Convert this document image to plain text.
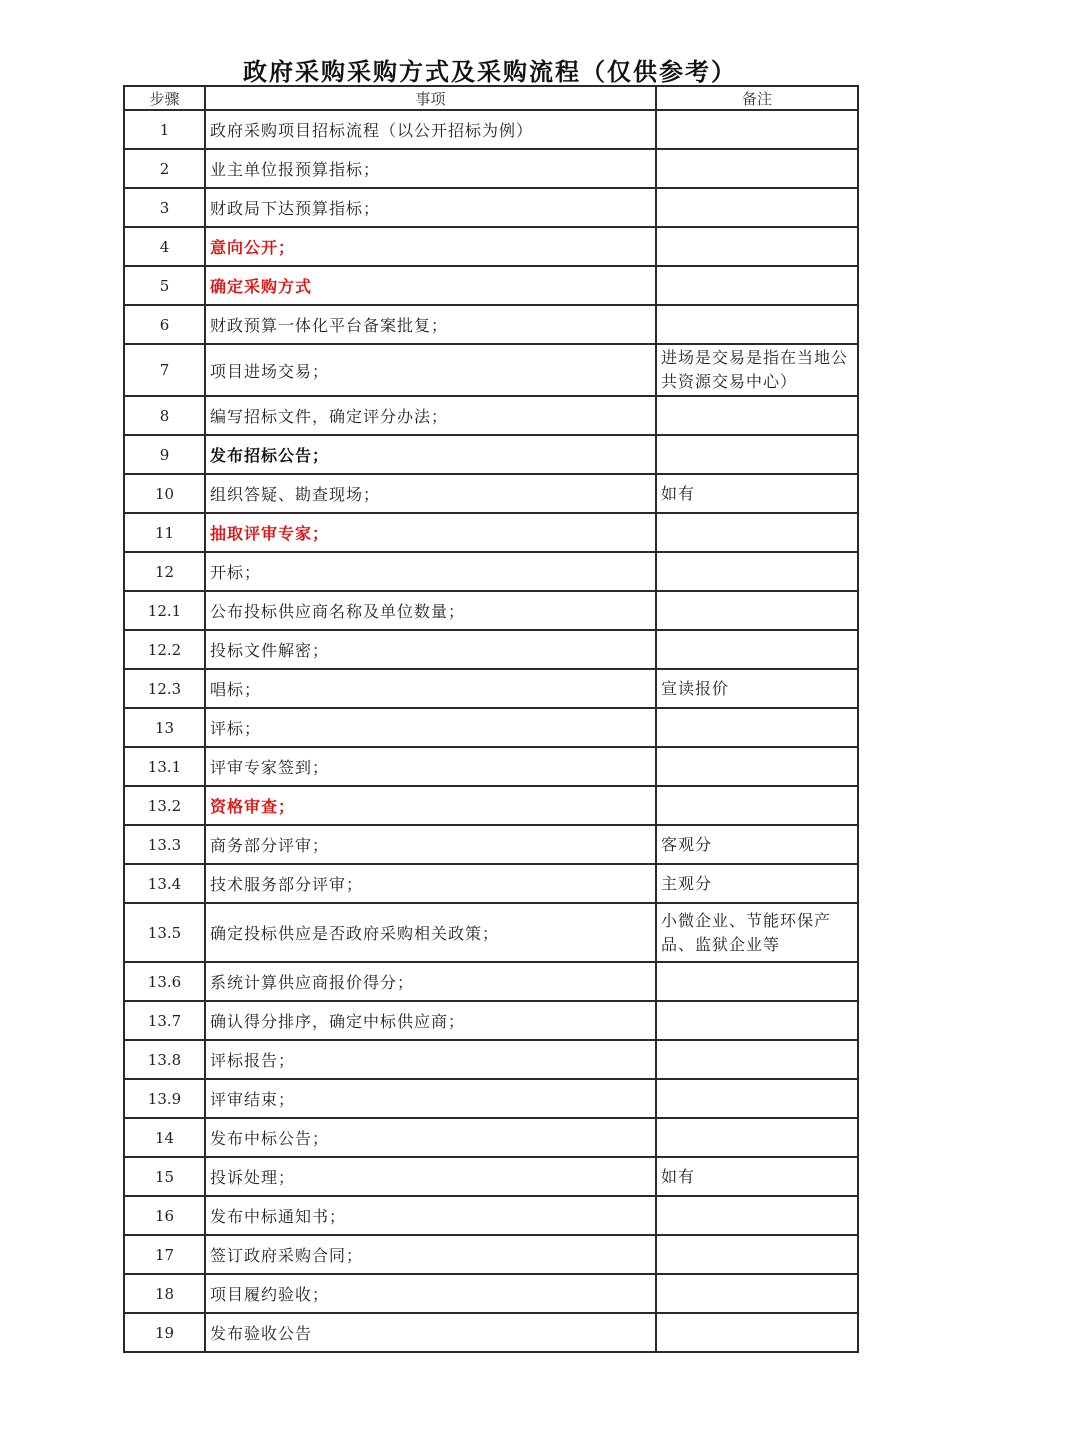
政府采购采购方式及采购流程（仅供参考）
步骤	事项	备注
1	政府采购项目招标流程（以公开招标为例）	
2	业主单位报预算指标；	
3	财政局下达预算指标；	
4	意向公开；	
5	确定采购方式	
6	财政预算一体化平台备案批复；	
7	项目进场交易；	进场是交易是指在当地公共资源交易中心）
8	编写招标文件，确定评分办法；	
9	发布招标公告；	
10	组织答疑、勘查现场；	如有
11	抽取评审专家；	
12	开标；	
12.1	公布投标供应商名称及单位数量；	
12.2	投标文件解密；	
12.3	唱标；	宣读报价
13	评标；	
13.1	评审专家签到；	
13.2	资格审查；	
13.3	商务部分评审；	客观分
13.4	技术服务部分评审；	主观分
13.5	确定投标供应是否政府采购相关政策；	小微企业、节能环保产品、监狱企业等
13.6	系统计算供应商报价得分；	
13.7	确认得分排序，确定中标供应商；	
13.8	评标报告；	
13.9	评审结束；	
14	发布中标公告；	
15	投诉处理；	如有
16	发布中标通知书；	
17	签订政府采购合同；	
18	项目履约验收；	
19	发布验收公告	
